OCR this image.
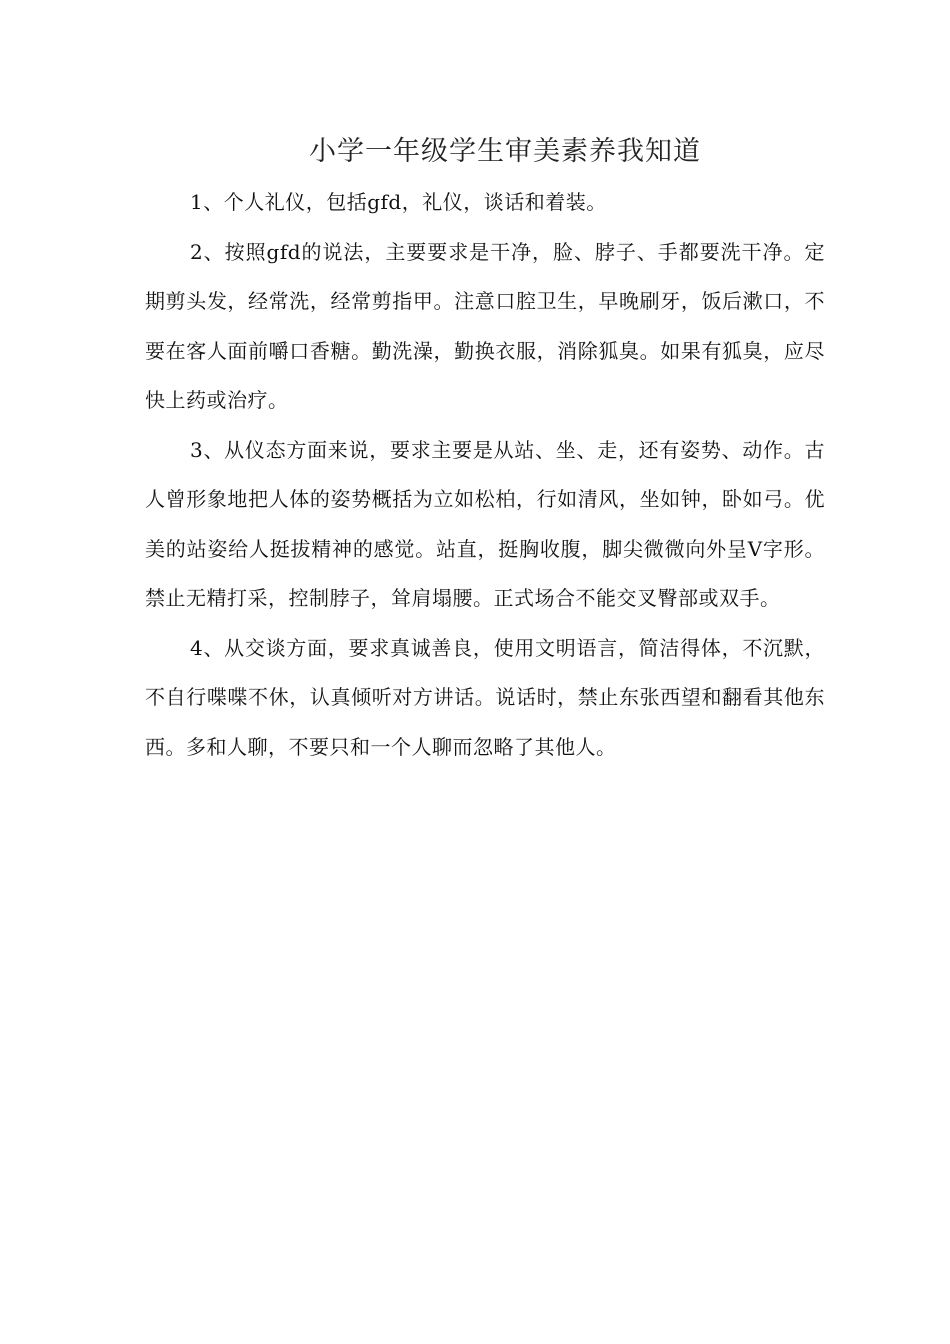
小学一年级学生审美素养我知道

1、个人礼仪，包括gfd，礼仪，谈话和着装。

2、按照gfd的说法，主要要求是干净，脸、脖子、手都要洗干净。定期剪头发，经常洗，经常剪指甲。注意口腔卫生，早晚刷牙，饭后漱口，不要在客人面前嚼口香糖。勤洗澡，勤换衣服，消除狐臭。如果有狐臭，应尽快上药或治疗。

3、从仪态方面来说，要求主要是从站、坐、走，还有姿势、动作。古人曾形象地把人体的姿势概括为立如松柏，行如清风，坐如钟，卧如弓。优美的站姿给人挺拔精神的感觉。站直，挺胸收腹，脚尖微微向外呈V字形。禁止无精打采，控制脖子，耸肩塌腰。正式场合不能交叉臀部或双手。

4、从交谈方面，要求真诚善良，使用文明语言，简洁得体，不沉默，不自行喋喋不休，认真倾听对方讲话。说话时，禁止东张西望和翻看其他东西。多和人聊，不要只和一个人聊而忽略了其他人。
